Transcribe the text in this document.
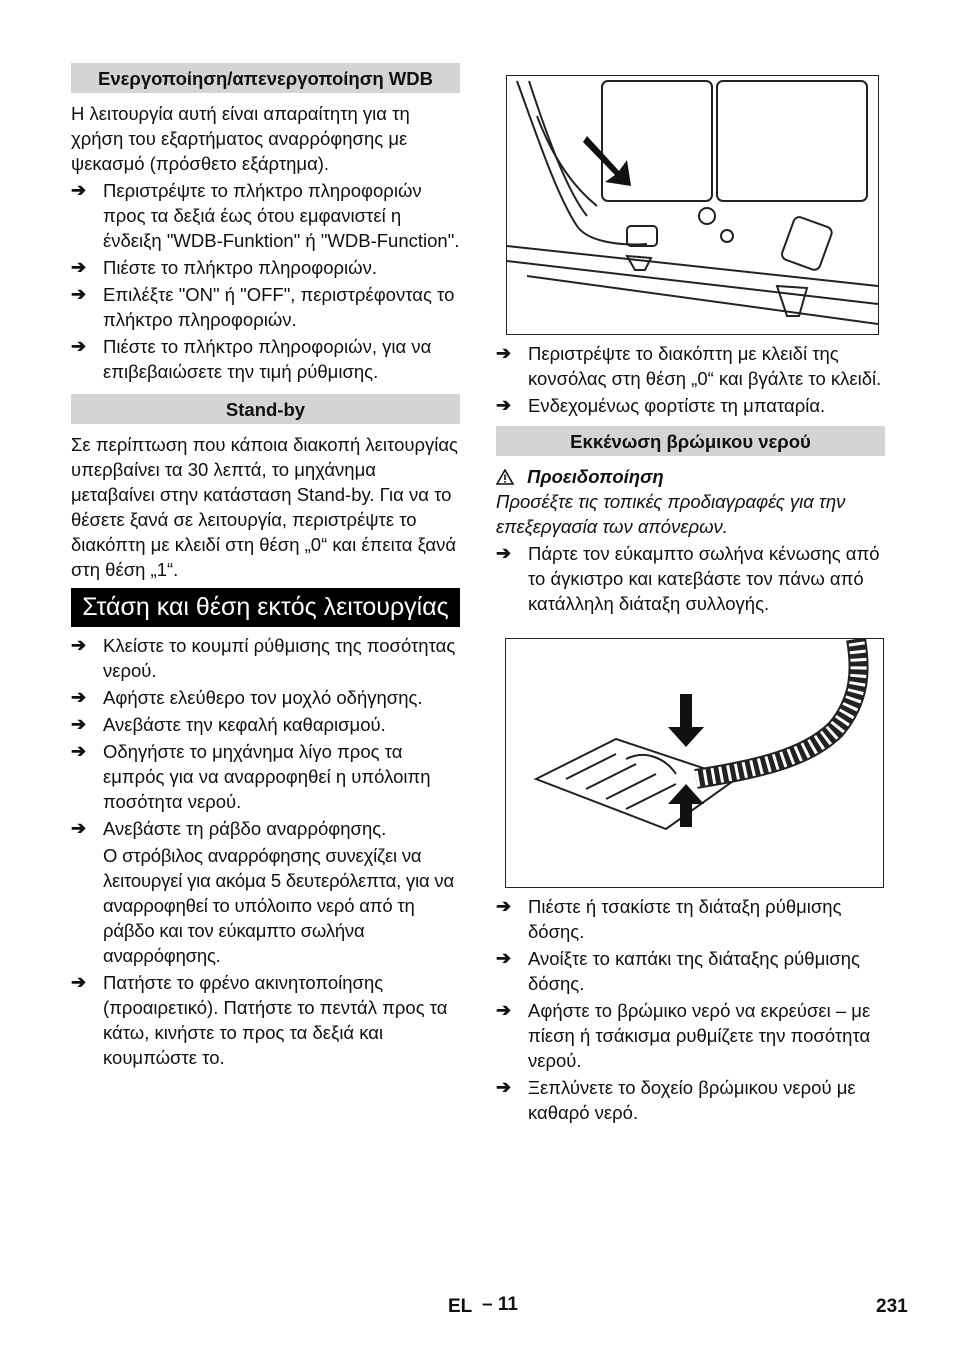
Ενεργοποίηση/απενεργοποίηση WDB

Η λειτουργία αυτή είναι απαραίτητη για τη χρήση του εξαρτήματος αναρρόφησης με ψεκασμό (πρόσθετο εξάρτημα).

➔ Περιστρέψτε το πλήκτρο πληροφοριών προς τα δεξιά έως ότου εμφανιστεί η ένδειξη "WDB-Funktion" ή "WDB-Function".
➔ Πιέστε το πλήκτρο πληροφοριών.
➔ Επιλέξτε "ON" ή "OFF", περιστρέφοντας το πλήκτρο πληροφοριών.
➔ Πιέστε το πλήκτρο πληροφοριών, για να επιβεβαιώσετε την τιμή ρύθμισης.
Stand-by

Σε περίπτωση που κάποια διακοπή λειτουργίας υπερβαίνει τα 30 λεπτά, το μηχάνημα μεταβαίνει στην κατάσταση Stand-by. Για να το θέσετε ξανά σε λειτουργία, περιστρέψτε το διακόπτη με κλειδί στη θέση „0“ και έπειτα ξανά στη θέση „1“.

Στάση και θέση εκτός λειτουργίας
➔ Κλείστε το κουμπί ρύθμισης της ποσότητας νερού.
➔ Αφήστε ελεύθερο τον μοχλό οδήγησης.
➔ Ανεβάστε την κεφαλή καθαρισμού.
➔ Οδηγήστε το μηχάνημα λίγο προς τα εμπρός για να αναρροφηθεί η υπόλοιπη ποσότητα νερού.
➔ Ανεβάστε τη ράβδο αναρρόφησης.

Ο στρόβιλος αναρρόφησης συνεχίζει να λειτουργεί για ακόμα 5 δευτερόλεπτα, για να αναρροφηθεί το υπόλοιπο νερό από τη ράβδο και τον εύκαμπτο σωλήνα αναρρόφησης.

➔ Πατήστε το φρένο ακινητοποίησης (προαιρετικό). Πατήστε το πεντάλ προς τα κάτω, κινήστε το προς τα δεξιά και κουμπώστε το.
➔ Περιστρέψτε το διακόπτη με κλειδί της κονσόλας στη θέση „0“ και βγάλτε το κλειδί.
➔ Ενδεχομένως φορτίστε τη μπαταρία.
Εκκένωση βρώμικου νερού
Προειδοποίηση

Προσέξτε τις τοπικές προδιαγραφές για την επεξεργασία των απόνερων.

➔ Πάρτε τον εύκαμπτο σωλήνα κένωσης από το άγκιστρο και κατεβάστε τον πάνω από κατάλληλη διάταξη συλλογής.
➔ Πιέστε ή τσακίστε τη διάταξη ρύθμισης δόσης.
➔ Ανοίξτε το καπάκι της διάταξης ρύθμισης δόσης.
➔ Αφήστε το βρώμικο νερό να εκρεύσει – με πίεση ή τσάκισμα ρυθμίζετε την ποσότητα νερού.
➔ Ξεπλύνετε το δοχείο βρώμικου νερού με καθαρό νερό.
EL – 11	231
